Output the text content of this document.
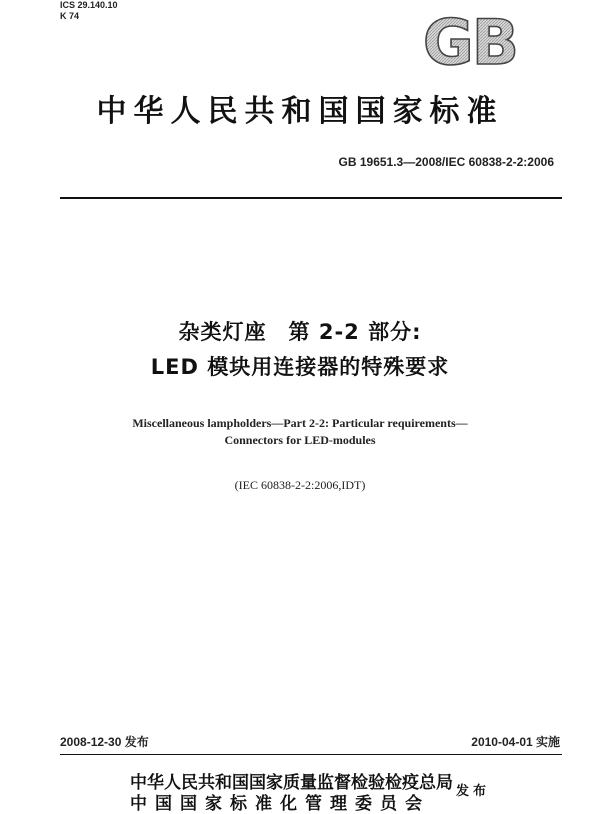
ICS 29.140.10
K 74	GB
中华人民共和国国家标准
GB 19651.3—2008/IEC 60838-2-2:2006
杂类灯座　第 2-2 部分:
LED 模块用连接器的特殊要求
Miscellaneous lampholders—Part 2-2: Particular requirements—
Connectors for LED-modules
(IEC 60838-2-2:2006,IDT)
2008-12-30 发布	2010-04-01 实施
中华人民共和国国家质量监督检验检疫总局
中国国家标准化管理委员会
发布
